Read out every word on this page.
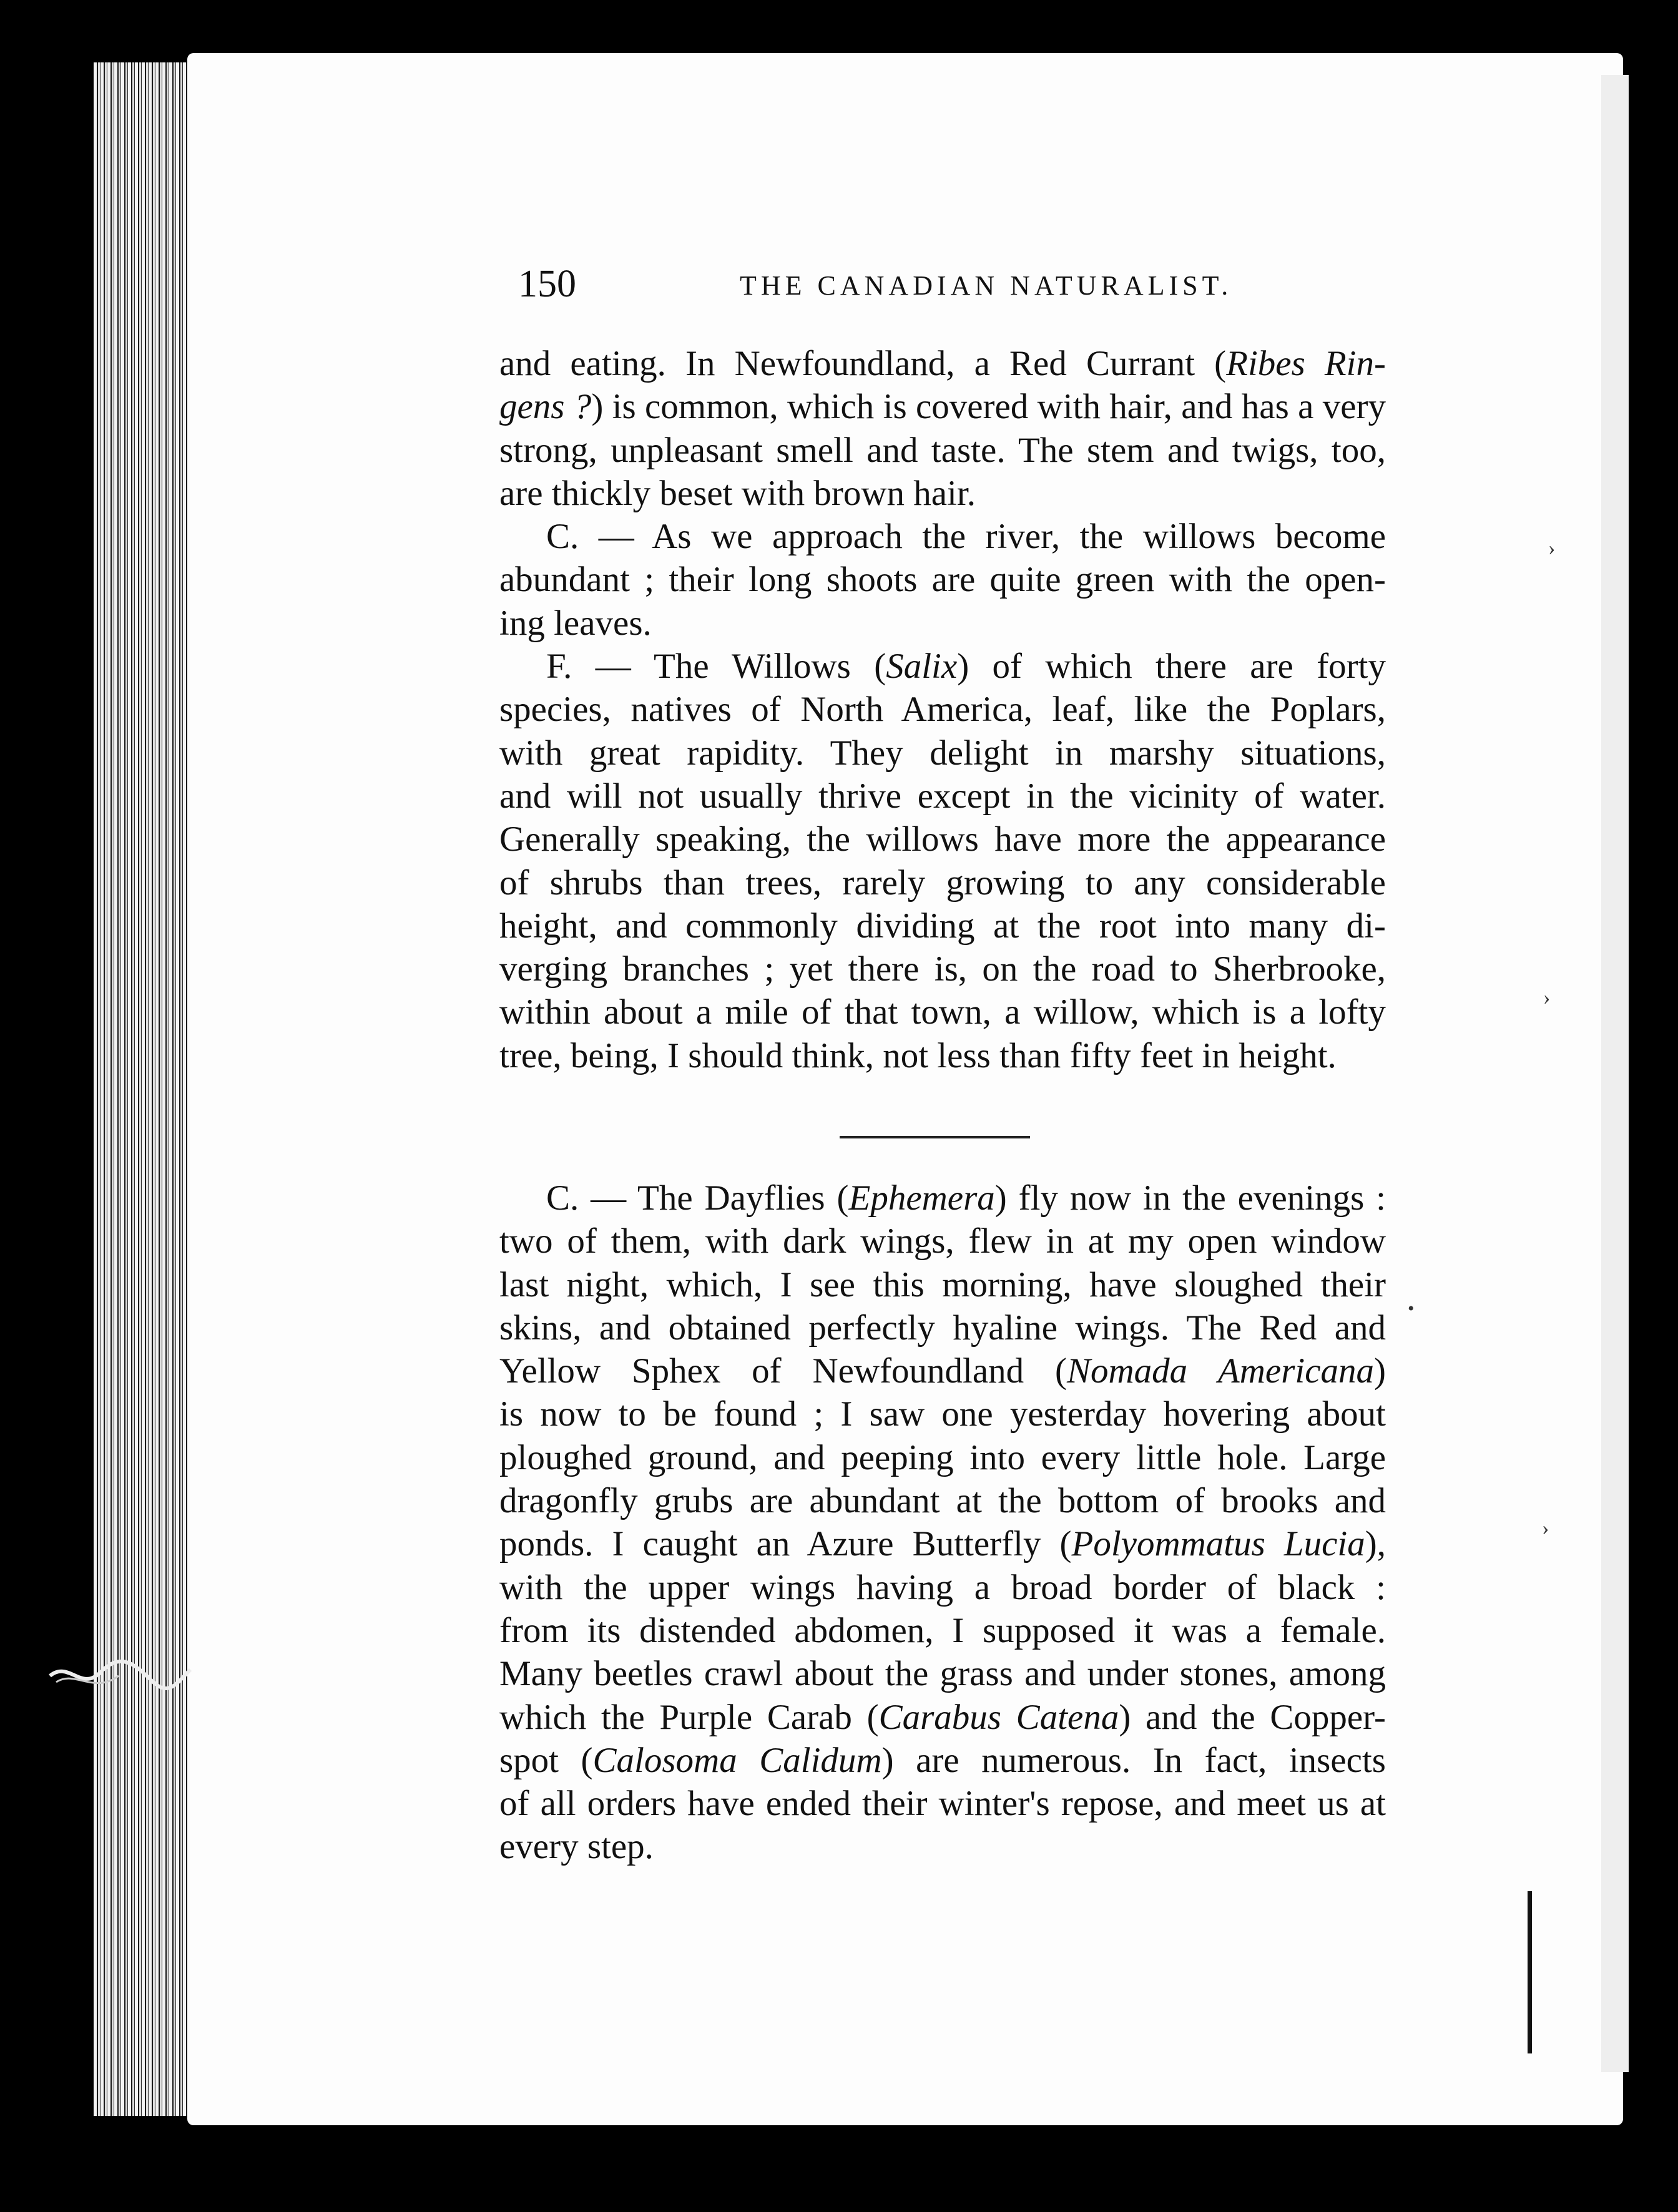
›
›
›
•
150	THE CANADIAN NATURALIST.
and eating. In Newfoundland, a Red Currant (Ribes Rin-
gens ?) is common, which is covered with hair, and has a very
strong, unpleasant smell and taste. The stem and twigs, too,
are thickly beset with brown hair.
C. — As we approach the river, the willows become
abundant ; their long shoots are quite green with the open-
ing leaves.
F. — The Willows (Salix) of which there are forty
species, natives of North America, leaf, like the Poplars,
with great rapidity. They delight in marshy situations,
and will not usually thrive except in the vicinity of water.
Generally speaking, the willows have more the appearance
of shrubs than trees, rarely growing to any considerable
height, and commonly dividing at the root into many di-
verging branches ; yet there is, on the road to Sherbrooke,
within about a mile of that town, a willow, which is a lofty
tree, being, I should think, not less than fifty feet in height.
C. — The Dayflies (Ephemera) fly now in the evenings :
two of them, with dark wings, flew in at my open window
last night, which, I see this morning, have sloughed their
skins, and obtained perfectly hyaline wings. The Red and
Yellow Sphex of Newfoundland (Nomada Americana)
is now to be found ; I saw one yesterday hovering about
ploughed ground, and peeping into every little hole. Large
dragonfly grubs are abundant at the bottom of brooks and
ponds. I caught an Azure Butterfly (Polyommatus Lucia),
with the upper wings having a broad border of black :
from its distended abdomen, I supposed it was a female.
Many beetles crawl about the grass and under stones, among
which the Purple Carab (Carabus Catena) and the Copper-
spot (Calosoma Calidum) are numerous. In fact, insects
of all orders have ended their winter's repose, and meet us at
every step.
